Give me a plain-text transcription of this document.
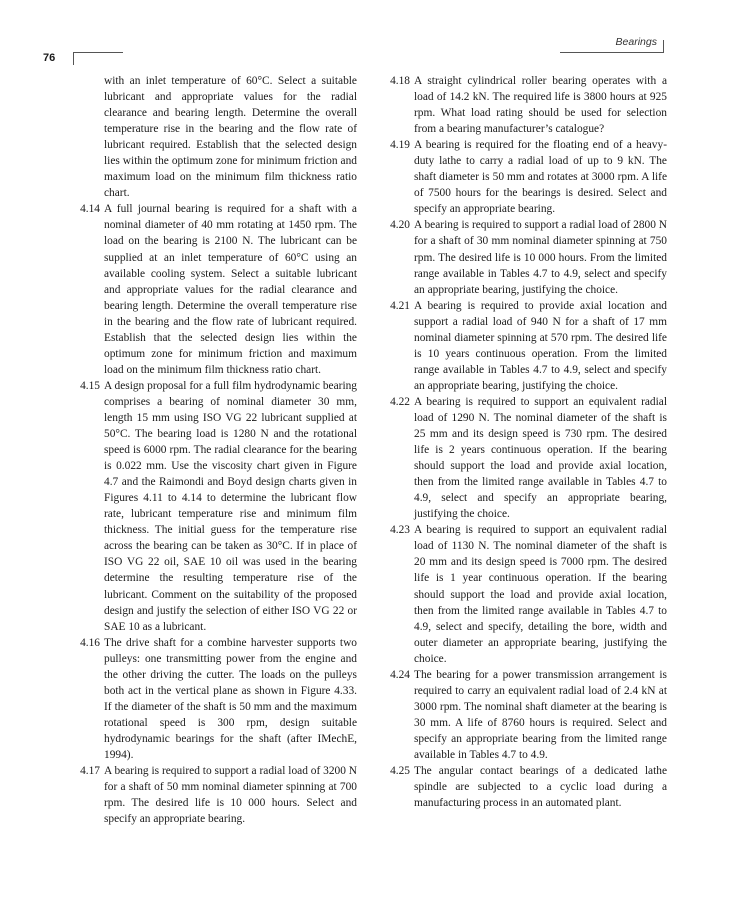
76
Bearings

with an inlet temperature of 60°C. Select a suitable lubricant and appropriate values for the radial clearance and bearing length. Determine the overall temperature rise in the bearing and the flow rate of lubricant required. Establish that the selected design lies within the optimum zone for minimum friction and maximum load on the minimum film thickness ratio chart.

4.14 A full journal bearing is required for a shaft with a nominal diameter of 40 mm rotating at 1450 rpm. The load on the bearing is 2100 N. The lubricant can be supplied at an inlet temperature of 60°C using an available cooling system. Select a suitable lubricant and appropriate values for the radial clearance and bearing length. Determine the overall temperature rise in the bearing and the flow rate of lubricant required. Establish that the selected design lies within the optimum zone for minimum friction and maximum load on the minimum film thickness ratio chart.
4.15 A design proposal for a full film hydrodynamic bearing comprises a bearing of nominal diameter 30 mm, length 15 mm using ISO VG 22 lubricant supplied at 50°C. The bearing load is 1280 N and the rotational speed is 6000 rpm. The radial clearance for the bearing is 0.022 mm. Use the viscosity chart given in Figure 4.7 and the Raimondi and Boyd design charts given in Figures 4.11 to 4.14 to determine the lubricant flow rate, lubricant temperature rise and minimum film thickness. The initial guess for the temperature rise across the bearing can be taken as 30°C. If in place of ISO VG 22 oil, SAE 10 oil was used in the bearing determine the resulting temperature rise of the lubricant. Comment on the suitability of the proposed design and justify the selection of either ISO VG 22 or SAE 10 as a lubricant.
4.16 The drive shaft for a combine harvester supports two pulleys: one transmitting power from the engine and the other driving the cutter. The loads on the pulleys both act in the vertical plane as shown in Figure 4.33. If the diameter of the shaft is 50 mm and the maximum rotational speed is 300 rpm, design suitable hydrodynamic bearings for the shaft (after IMechE, 1994).
4.17 A bearing is required to support a radial load of 3200 N for a shaft of 50 mm nominal diameter spinning at 700 rpm. The desired life is 10 000 hours. Select and specify an appropriate bearing.
4.18 A straight cylindrical roller bearing operates with a load of 14.2 kN. The required life is 3800 hours at 925 rpm. What load rating should be used for selection from a bearing manufacturer’s catalogue?
4.19 A bearing is required for the floating end of a heavy-duty lathe to carry a radial load of up to 9 kN. The shaft diameter is 50 mm and rotates at 3000 rpm. A life of 7500 hours for the bearings is desired. Select and specify an appropriate bearing.
4.20 A bearing is required to support a radial load of 2800 N for a shaft of 30 mm nominal diameter spinning at 750 rpm. The desired life is 10 000 hours. From the limited range available in Tables 4.7 to 4.9, select and specify an appropriate bearing, justifying the choice.
4.21 A bearing is required to provide axial location and support a radial load of 940 N for a shaft of 17 mm nominal diameter spinning at 570 rpm. The desired life is 10 years continuous operation. From the limited range available in Tables 4.7 to 4.9, select and specify an appropriate bearing, justifying the choice.
4.22 A bearing is required to support an equivalent radial load of 1290 N. The nominal diameter of the shaft is 25 mm and its design speed is 730 rpm. The desired life is 2 years continuous operation. If the bearing should support the load and provide axial location, then from the limited range available in Tables 4.7 to 4.9, select and specify an appropriate bearing, justifying the choice.
4.23 A bearing is required to support an equivalent radial load of 1130 N. The nominal diameter of the shaft is 20 mm and its design speed is 7000 rpm. The desired life is 1 year continuous operation. If the bearing should support the load and provide axial location, then from the limited range available in Tables 4.7 to 4.9, select and specify, detailing the bore, width and outer diameter an appropriate bearing, justifying the choice.
4.24 The bearing for a power transmission arrangement is required to carry an equivalent radial load of 2.4 kN at 3000 rpm. The nominal shaft diameter at the bearing is 30 mm. A life of 8760 hours is required. Select and specify an appropriate bearing from the limited range available in Tables 4.7 to 4.9.
4.25 The angular contact bearings of a dedicated lathe spindle are subjected to a cyclic load during a manufacturing process in an automated plant.
